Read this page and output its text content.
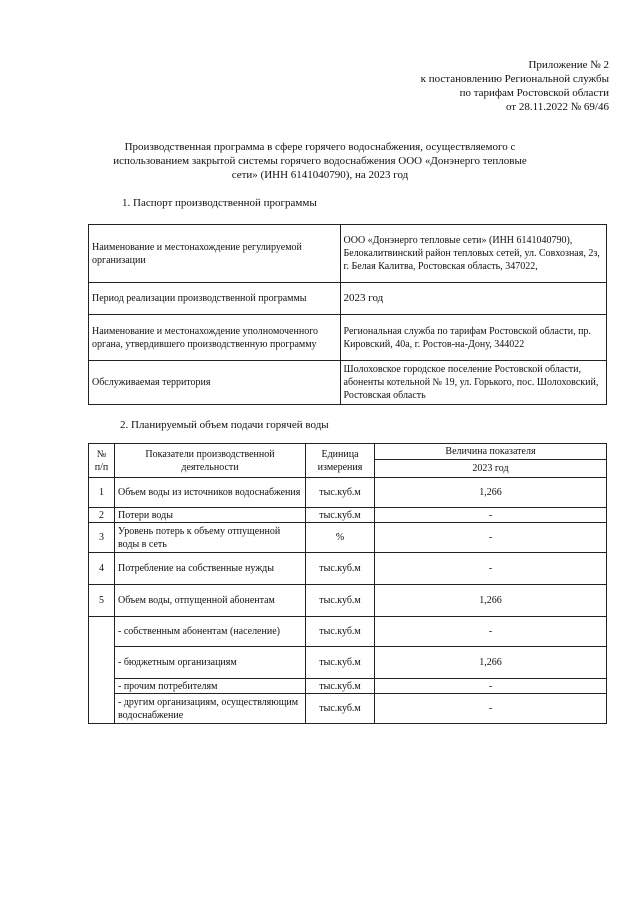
Приложение № 2
к постановлению Региональной службы
по тарифам Ростовской области
от 28.11.2022 № 69/46
Производственная программа в сфере горячего водоснабжения, осуществляемого с
использованием закрытой системы горячего водоснабжения ООО «Донэнерго тепловые
сети» (ИНН 6141040790), на 2023 год
1. Паспорт производственной программы
Наименование и местонахождение регулируемой организации	ООО «Донэнерго тепловые сети» (ИНН 6141040790), Белокалитвинский район тепловых сетей, ул. Совхозная, 2з, г. Белая Калитва, Ростовская область, 347022,
Период реализации производственной программы	2023 год
Наименование и местонахождение уполномоченного органа, утвердившего производственную программу	Региональная служба по тарифам Ростовской области, пр. Кировский, 40а, г. Ростов-на-Дону, 344022
Обслуживаемая территория	Шолоховское городское поселение Ростовской области, абоненты котельной № 19, ул. Горького, пос. Шолоховский, Ростовская область
2. Планируемый объем подачи горячей воды
№ п/п	Показатели производственной деятельности	Единица измерения	Величина показателя
			2023 год
1	Объем воды из источников водоснабжения	тыс.куб.м	1,266
2	Потери воды	тыс.куб.м	-
3	Уровень потерь к объему отпущенной воды в сеть	%	-
4	Потребление на собственные нужды	тыс.куб.м	-
5	Объем воды, отпущенной абонентам	тыс.куб.м	1,266
	- собственным абонентам (население)	тыс.куб.м	-
	- бюджетным организациям	тыс.куб.м	1,266
	- прочим потребителям	тыс.куб.м	-
	- другим организациям, осуществляющим водоснабжение	тыс.куб.м	-
